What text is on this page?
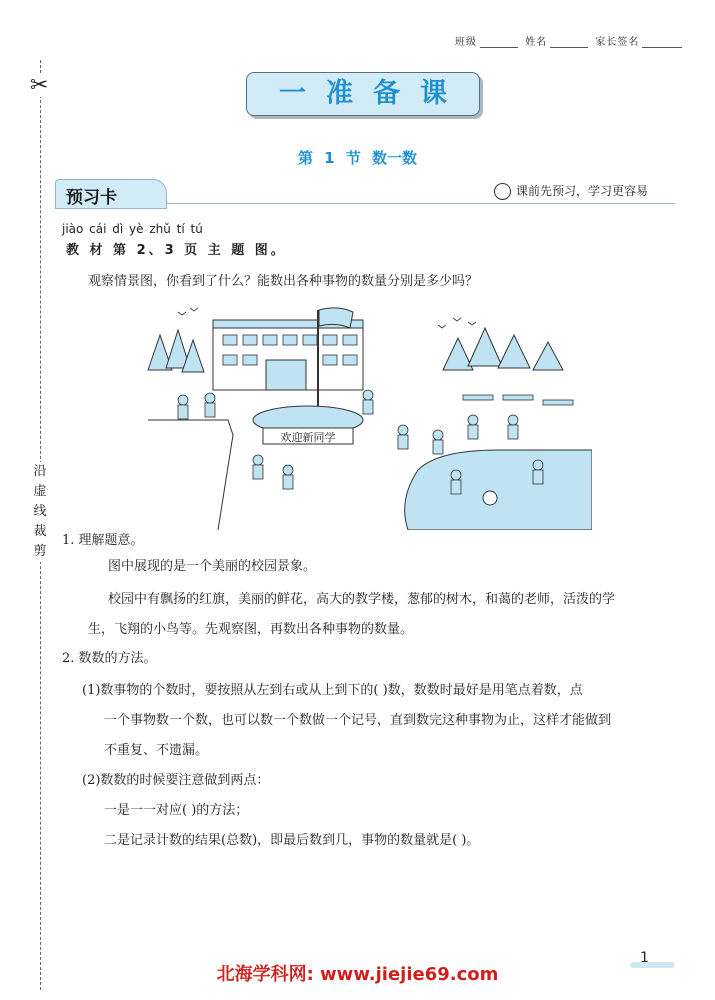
班级	姓名	家长签名
✂
沿
虚
线
裁
剪
一准备课
第 1 节 数一数
预习卡	课前先预习，学习更容易
jiào cái dì yè zhǔ tí tú
教 材 第 2、3 页 主 题 图。
观察情景图，你看到了什么？能数出各种事物的数量分别是多少吗？
欢迎新同学
1. 理解题意。
图中展现的是一个美丽的校园景象。
校园中有飘扬的红旗，美丽的鲜花，高大的教学楼，葱郁的树木，和蔼的老师，活泼的学
生，飞翔的小鸟等。先观察图，再数出各种事物的数量。
2. 数数的方法。
(1)数事物的个数时，要按照从左到右或从上到下的( )数，数数时最好是用笔点着数，点
一个事物数一个数，也可以数一个数做一个记号，直到数完这种事物为止，这样才能做到
不重复、不遗漏。
(2)数数的时候要注意做到两点：
一是一一对应( )的方法；
二是记录计数的结果(总数)，即最后数到几，事物的数量就是( )。
1
北海学科网: www.jiejie69.com
